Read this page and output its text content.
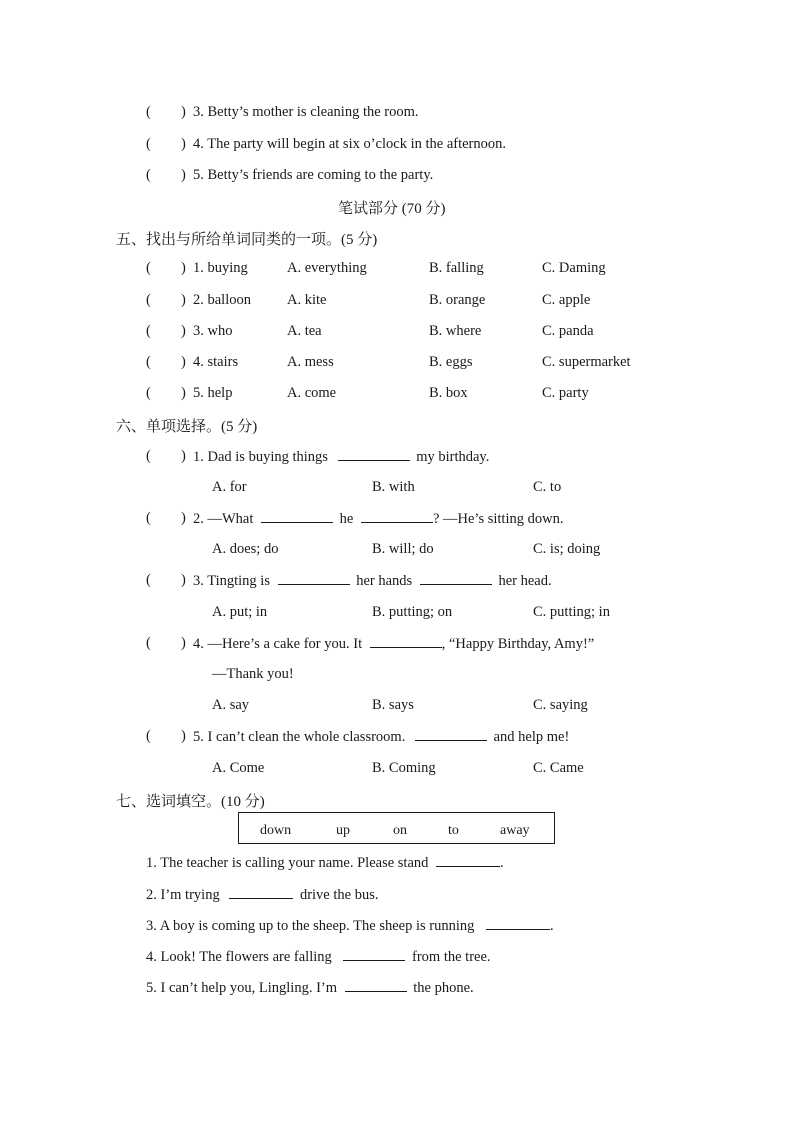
( ) 3. Betty’s mother is cleaning the room.
( ) 4. The party will begin at six o’clock in the afternoon.
( ) 5. Betty’s friends are coming to the party.
笔试部分 (70 分)
五、找出与所给单词同类的一项。(5 分)
( ) 1. buying	A. everything	B. falling	C. Daming
( ) 2. balloon A. kite	B. orange	C. apple
( ) 3. who	A. tea	B. where	C. panda
( ) 4. stairs	A. mess	B. eggs	C. supermarket
( ) 5. help	A. come	B. box	C. party
六、单项选择。(5 分)
( ) 1. Dad is buying things	my birthday.
A. for	B. with	C. to
( ) 2. —What	he	? —He’s sitting down.
A. does; do	B. will; do	C. is; doing
( ) 3. Tingting is	her hands	her head.
A. put; in	B. putting; on	C. putting; in
( ) 4. —Here’s a cake for you. It	, “Happy Birthday, Amy!”
—Thank you!
A. say	B. says	C. saying
( ) 5. I can’t clean the whole classroom.	and help me!
A. Come	B. Coming	C. Came
七、选词填空。(10 分)
down	up	on	to	away
1. The teacher is calling your name. Please stand	.
2. I’m trying	drive the bus.
3. A boy is coming up to the sheep. The sheep is running	.
4. Look! The flowers are falling	from the tree.
5. I can’t help you, Lingling. I’m	the phone.
